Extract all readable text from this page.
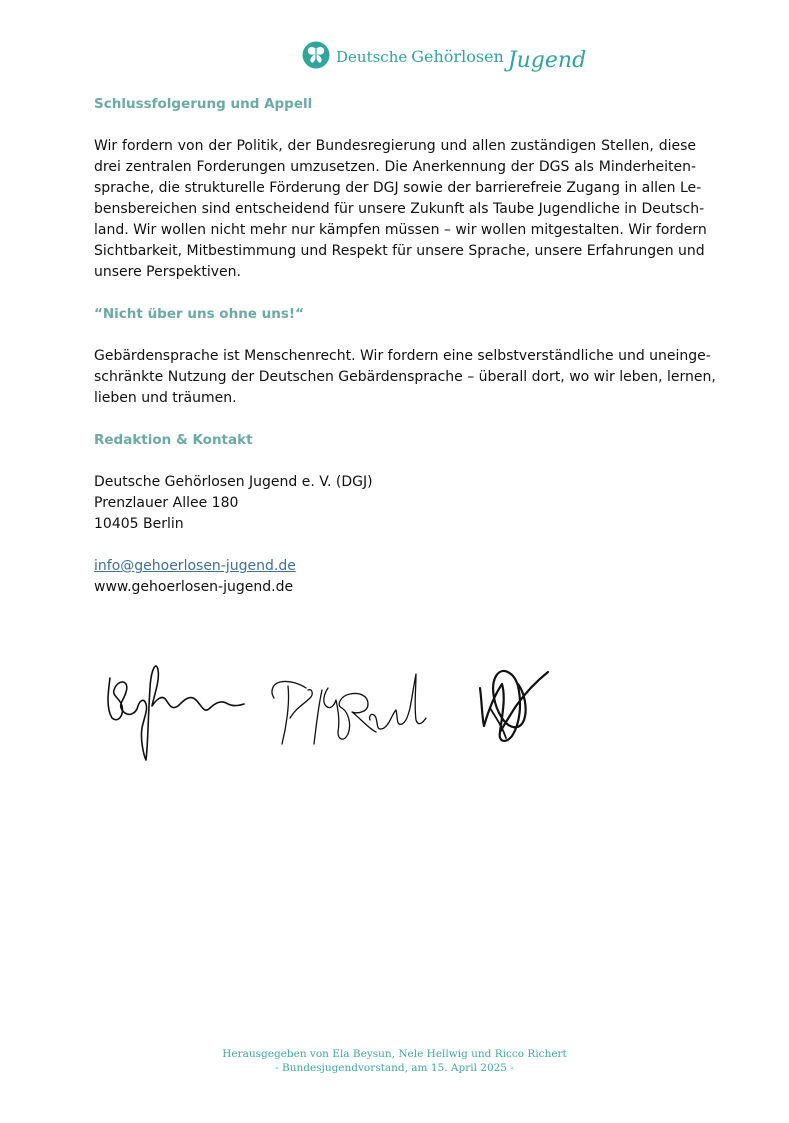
Deutsche Gehörlosen Jugend
Schlussfolgerung und Appell
Wir fordern von der Politik, der Bundesregierung und allen zuständigen Stellen, diese
drei zentralen Forderungen umzusetzen. Die Anerkennung der DGS als Minderheiten-
sprache, die strukturelle Förderung der DGJ sowie der barrierefreie Zugang in allen Le-
bensbereichen sind entscheidend für unsere Zukunft als Taube Jugendliche in Deutsch-
land. Wir wollen nicht mehr nur kämpfen müssen – wir wollen mitgestalten. Wir fordern
Sichtbarkeit, Mitbestimmung und Respekt für unsere Sprache, unsere Erfahrungen und
unsere Perspektiven.
“Nicht über uns ohne uns!“
Gebärdensprache ist Menschenrecht. Wir fordern eine selbstverständliche und uneinge-
schränkte Nutzung der Deutschen Gebärdensprache – überall dort, wo wir leben, lernen,
lieben und träumen.
Redaktion & Kontakt

Deutsche Gehörlosen Jugend e. V. (DGJ)

Prenzlauer Allee 180

10405 Berlin

info@gehoerlosen-jugend.de

www.gehoerlosen-jugend.de

Herausgegeben von Ela Beysun, Nele Hellwig und Ricco Richert
- Bundesjugendvorstand, am 15. April 2025 -
